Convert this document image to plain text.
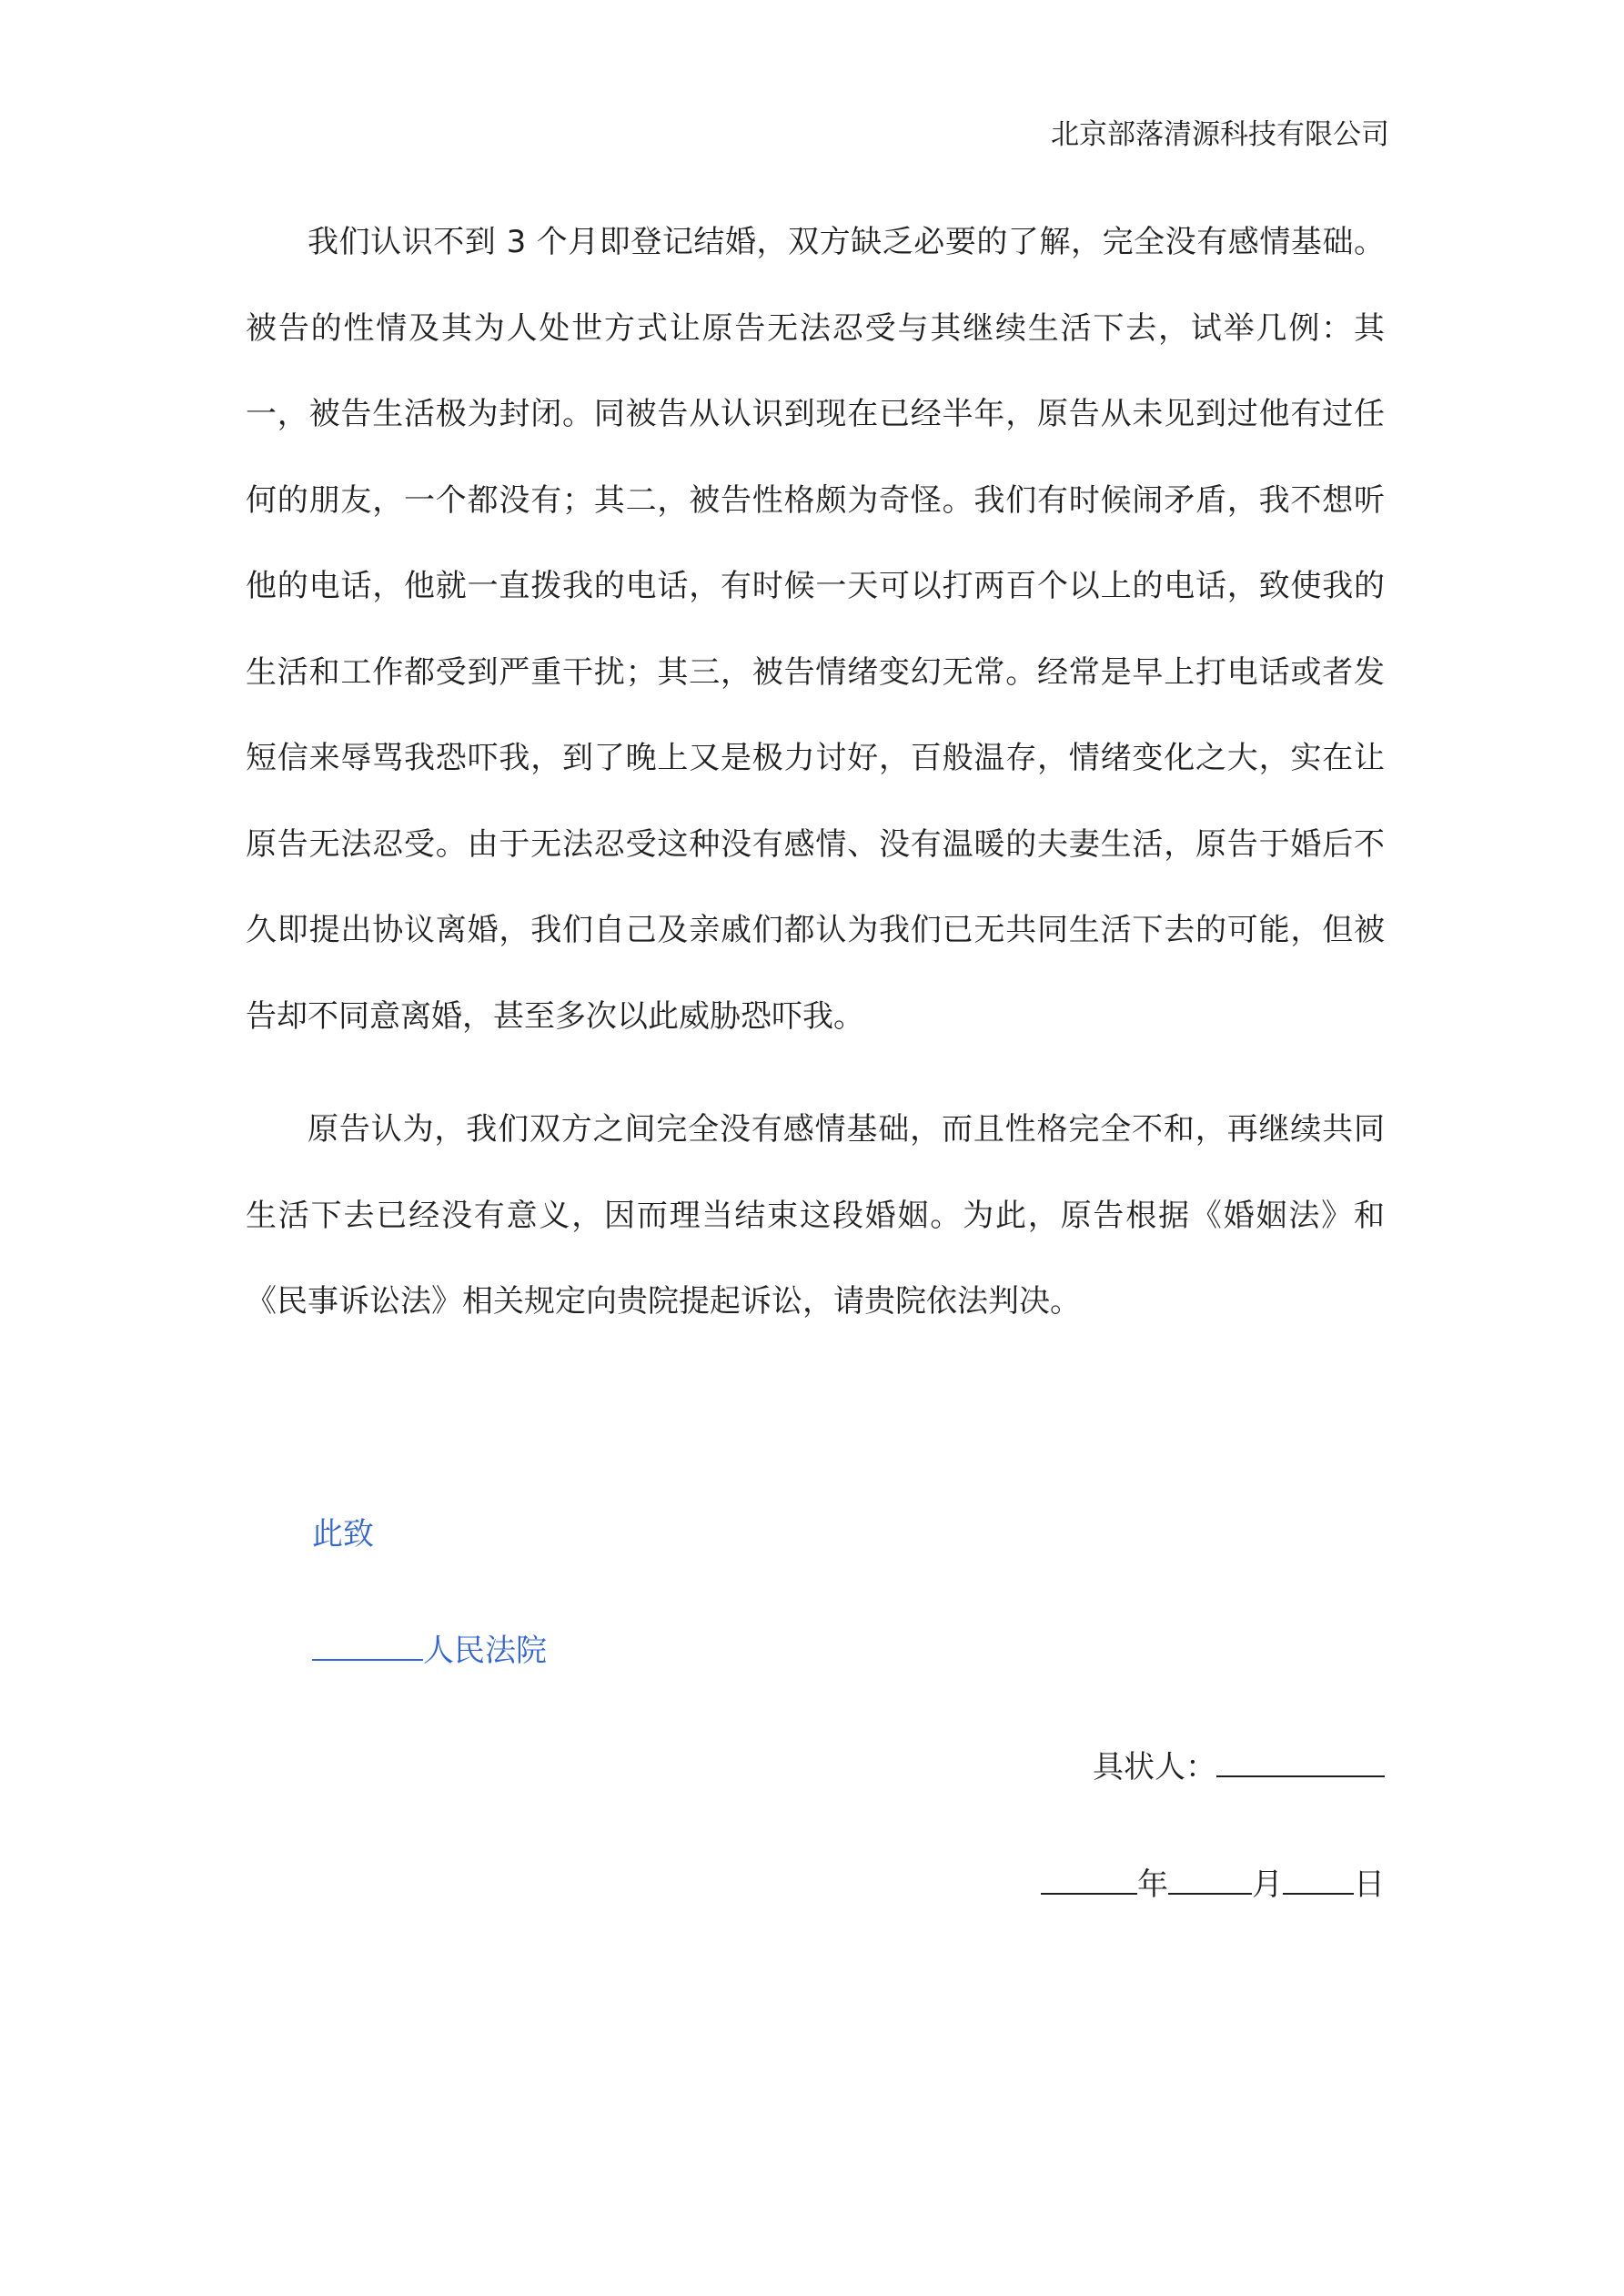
北京部落清源科技有限公司

我们认识不到 3 个月即登记结婚，双方缺乏必要的了解，完全没有感情基础。被告的性情及其为人处世方式让原告无法忍受与其继续生活下去，试举几例：其一，被告生活极为封闭。同被告从认识到现在已经半年，原告从未见到过他有过任何的朋友，一个都没有；其二，被告性格颇为奇怪。我们有时候闹矛盾，我不想听他的电话，他就一直拨我的电话，有时候一天可以打两百个以上的电话，致使我的生活和工作都受到严重干扰；其三，被告情绪变幻无常。经常是早上打电话或者发短信来辱骂我恐吓我，到了晚上又是极力讨好，百般温存，情绪变化之大，实在让原告无法忍受。由于无法忍受这种没有感情、没有温暖的夫妻生活，原告于婚后不久即提出协议离婚，我们自己及亲戚们都认为我们已无共同生活下去的可能，但被告却不同意离婚，甚至多次以此威胁恐吓我。

原告认为，我们双方之间完全没有感情基础，而且性格完全不和，再继续共同生活下去已经没有意义，因而理当结束这段婚姻。为此，原告根据《婚姻法》和《民事诉讼法》相关规定向贵院提起诉讼，请贵院依法判决。

此致
人民法院
具状人：
年	月 日
